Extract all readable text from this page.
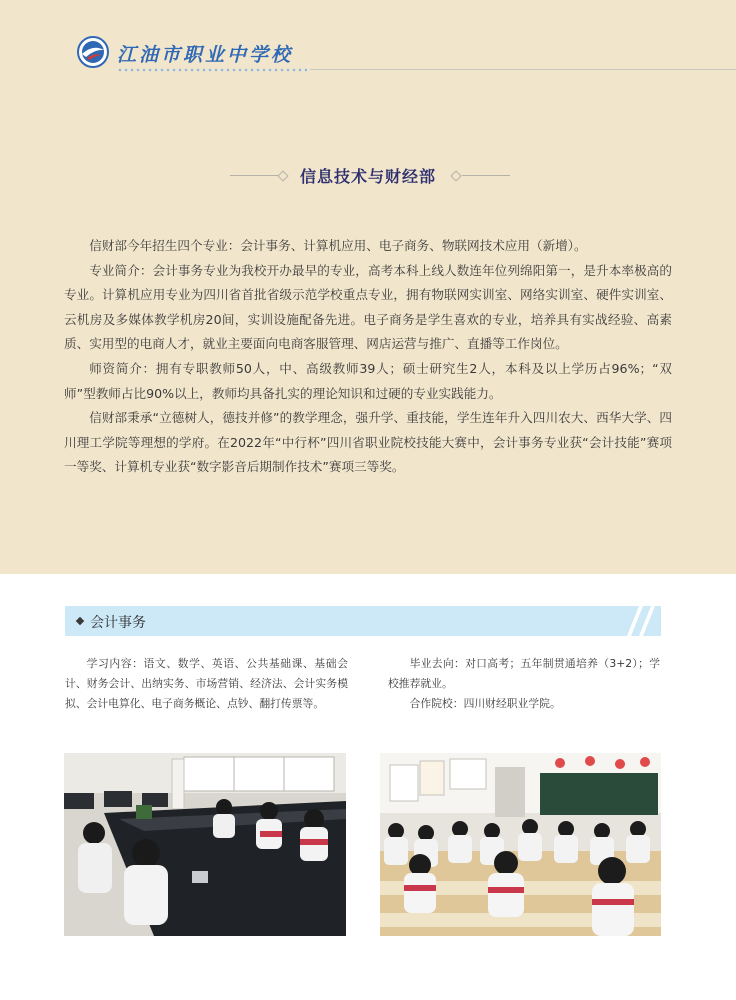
江油市职业中学校
信息技术与财经部

信财部今年招生四个专业：会计事务、计算机应用、电子商务、物联网技术应用（新增）。

专业简介：会计事务专业为我校开办最早的专业，高考本科上线人数连年位列绵阳第一，是升本率极高的专业。计算机应用专业为四川省首批省级示范学校重点专业，拥有物联网实训室、网络实训室、硬件实训室、云机房及多媒体教学机房20间，实训设施配备先进。电子商务是学生喜欢的专业，培养具有实战经验、高素质、实用型的电商人才，就业主要面向电商客服管理、网店运营与推广、直播等工作岗位。

师资简介：拥有专职教师50人，中、高级教师39人；硕士研究生2人，本科及以上学历占96%；“双师”型教师占比90%以上，教师均具备扎实的理论知识和过硬的专业实践能力。

信财部秉承“立德树人，德技并修”的教学理念，强升学、重技能，学生连年升入四川农大、西华大学、四川理工学院等理想的学府。在2022年“中行杯”四川省职业院校技能大赛中，会计事务专业获“会计技能”赛项一等奖、计算机专业获“数字影音后期制作技术”赛项三等奖。

会计事务

学习内容：语文、数学、英语、公共基础课、基础会计、财务会计、出纳实务、市场营销、经济法、会计实务模拟、会计电算化、电子商务概论、点钞、翻打传票等。

毕业去向：对口高考；五年制贯通培养（3+2）；学校推荐就业。

合作院校：四川财经职业学院。
